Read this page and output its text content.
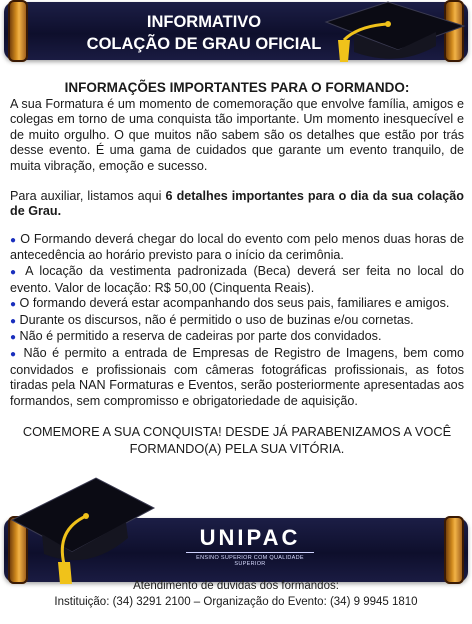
INFORMATIVO
COLAÇÃO DE GRAU OFICIAL
INFORMAÇÕES IMPORTANTES PARA O FORMANDO:

A sua Formatura é um momento de comemoração que envolve família, amigos e colegas em torno de uma conquista tão importante. Um momento inesquecível e de muito orgulho. O que muitos não sabem são os detalhes que estão por trás desse evento. É uma gama de cuidados que garante um evento tranquilo, de muita vibração, emoção e sucesso.

Para auxiliar, listamos aqui 6 detalhes importantes para o dia da sua colação de Grau.

● O Formando deverá chegar do local do evento com pelo menos duas horas de antecedência ao horário previsto para o início da cerimônia.

● A locação da vestimenta padronizada (Beca) deverá ser feita no local do evento. Valor de locação: R$ 50,00 (Cinquenta Reais).

● O formando deverá estar acompanhando dos seus pais, familiares e amigos.

● Durante os discursos, não é permitido o uso de buzinas e/ou cornetas.

● Não é permitido a reserva de cadeiras por parte dos convidados.

● Não é permito a entrada de Empresas de Registro de Imagens, bem como convidados e profissionais com câmeras fotográficas profissionais, as fotos tiradas pela NAN Formaturas e Eventos, serão posteriormente apresentadas aos formandos, sem compromisso e obrigatoriedade de aquisição.

COMEMORE A SUA CONQUISTA! DESDE JÁ PARABENIZAMOS A VOCÊ
FORMANDO(A) PELA SUA VITÓRIA.
UNIPAC
ENSINO SUPERIOR COM QUALIDADE SUPERIOR
Atendimento de dúvidas dos formandos:
Instituição: (34) 3291 2100 – Organização do Evento: (34) 9 9945 1810
